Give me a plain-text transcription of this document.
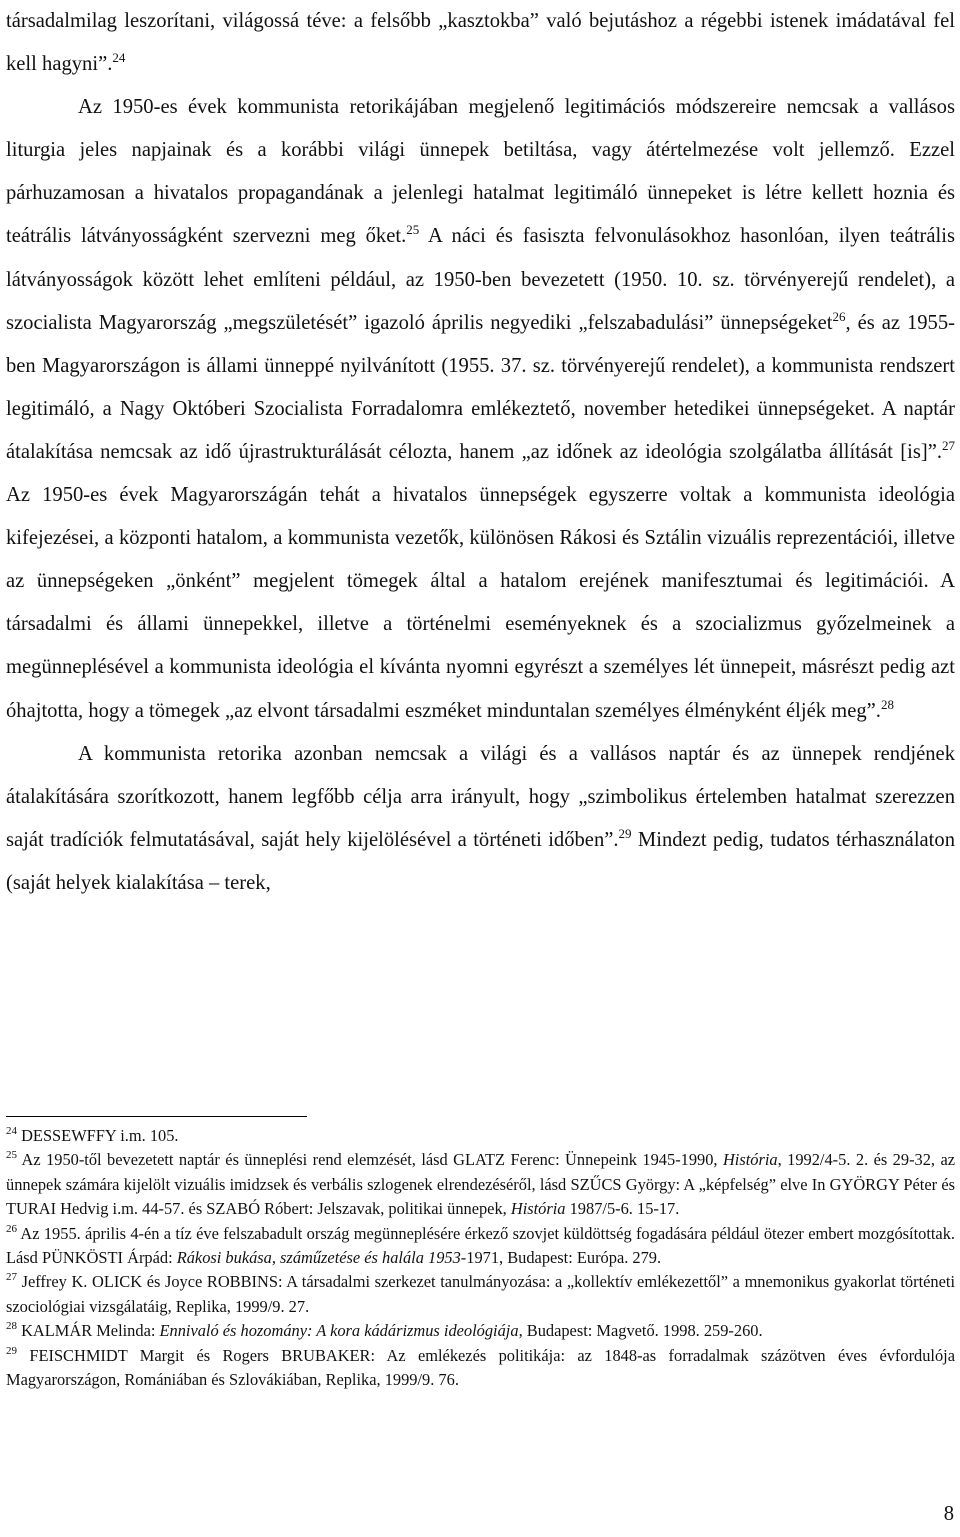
társadalmilag leszorítani, világossá téve: a felsőbb „kasztokba” való bejutáshoz a régebbi istenek imádatával fel kell hagyni”.$^{24}$

Az 1950-es évek kommunista retorikájában megjelenő legitimációs módszereire nemcsak a vallásos liturgia jeles napjainak és a korábbi világi ünnepek betiltása, vagy átértelmezése volt jellemző. Ezzel párhuzamosan a hivatalos propagandának a jelenlegi hatalmat legitimáló ünnepeket is létre kellett hoznia és teátrális látványosságként szervezni meg őket.$^{25}$ A náci és fasiszta felvonulásokhoz hasonlóan, ilyen teátrális látványosságok között lehet említeni például, az 1950-ben bevezetett (1950. 10. sz. törvényerejű rendelet), a szocialista Magyarország „megszületését” igazoló április negyediki „felszabadulási” ünnepségeket$^{26}$, és az 1955-ben Magyarországon is állami ünneppé nyilvánított (1955. 37. sz. törvényerejű rendelet), a kommunista rendszert legitimáló, a Nagy Októberi Szocialista Forradalomra emlékeztető, november hetedikei ünnepségeket. A naptár átalakítása nemcsak az idő újrastrukturálását célozta, hanem „az időnek az ideológia szolgálatba állítását [is]”.$^{27}$ Az 1950-es évek Magyarországán tehát a hivatalos ünnepségek egyszerre voltak a kommunista ideológia kifejezései, a központi hatalom, a kommunista vezetők, különösen Rákosi és Sztálin vizuális reprezentációi, illetve az ünnepségeken „önként” megjelent tömegek által a hatalom erejének manifesztumai és legitimációi. A társadalmi és állami ünnepekkel, illetve a történelmi eseményeknek és a szocializmus győzelmeinek a megünneplésével a kommunista ideológia el kívánta nyomni egyrészt a személyes lét ünnepeit, másrészt pedig azt óhajtotta, hogy a tömegek „az elvont társadalmi eszméket minduntalan személyes élményként éljék meg”.$^{28}$

A kommunista retorika azonban nemcsak a világi és a vallásos naptár és az ünnepek rendjének átalakítására szorítkozott, hanem legfőbb célja arra irányult, hogy „szimbolikus értelemben hatalmat szerezzen saját tradíciók felmutatásával, saját hely kijelölésével a történeti időben”.$^{29}$ Mindezt pedig, tudatos térhasználaton (saját helyek kialakítása – terek,

$^{24}$ DESSEWFFY i.m. 105.

$^{25}$ Az 1950-től bevezetett naptár és ünneplési rend elemzését, lásd GLATZ Ferenc: Ünnepeink 1945-1990, História, 1992/4-5. 2. és 29-32, az ünnepek számára kijelölt vizuális imidzsek és verbális szlogenek elrendezéséről, lásd SZŰCS György: A „képfelség” elve In GYÖRGY Péter és TURAI Hedvig i.m. 44-57. és SZABÓ Róbert: Jelszavak, politikai ünnepek, História 1987/5-6. 15-17.

$^{26}$ Az 1955. április 4-én a tíz éve felszabadult ország megünneplésére érkező szovjet küldöttség fogadására például ötezer embert mozgósítottak. Lásd PÜNKÖSTI Árpád: Rákosi bukása, száműzetése és halála 1953-1971, Budapest: Európa. 279.

$^{27}$ Jeffrey K. OLICK és Joyce ROBBINS: A társadalmi szerkezet tanulmányozása: a „kollektív emlékezettől” a mnemonikus gyakorlat történeti szociológiai vizsgálatáig, Replika, 1999/9. 27.

$^{28}$ KALMÁR Melinda: Ennivaló és hozomány: A kora kádárizmus ideológiája, Budapest: Magvető. 1998. 259-260.

$^{29}$ FEISCHMIDT Margit és Rogers BRUBAKER: Az emlékezés politikája: az 1848-as forradalmak százötven éves évfordulója Magyarországon, Romániában és Szlovákiában, Replika, 1999/9. 76.

8
